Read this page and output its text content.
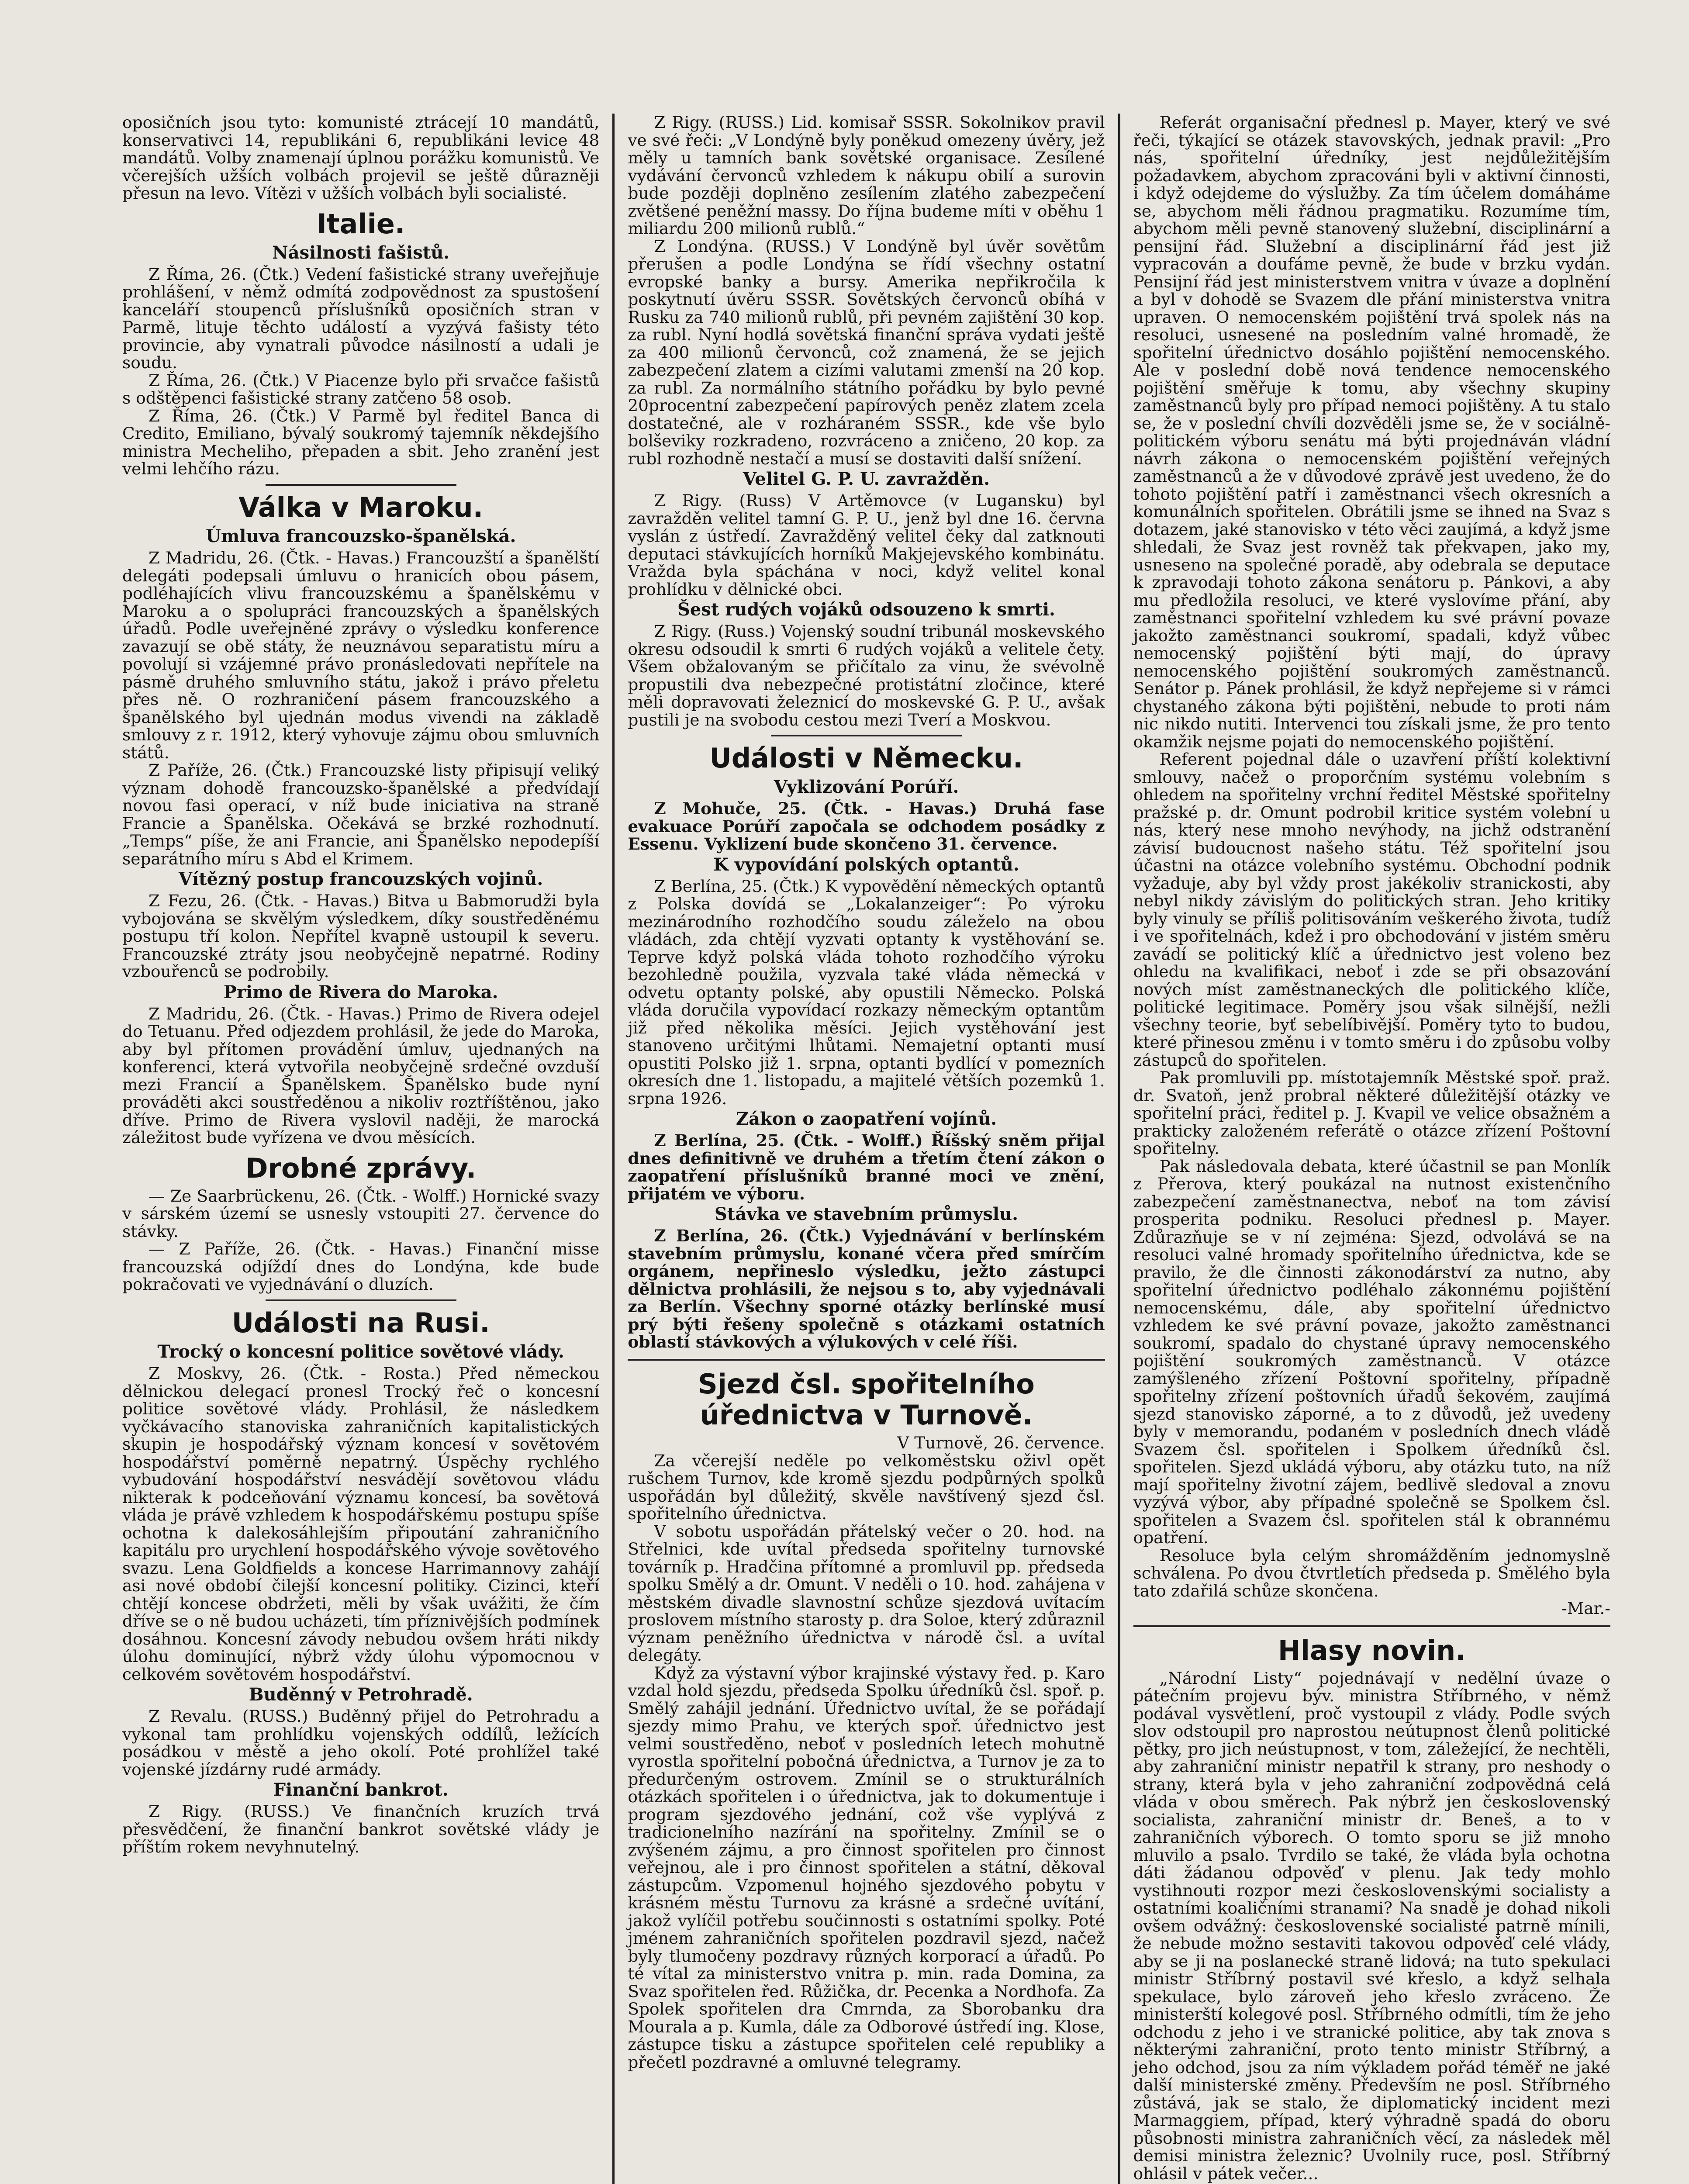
oposičních jsou tyto: komunisté ztrácejí 10 mandátů, konservativci 14, republikáni 6, republikáni levice 48 mandátů. Volby znamenají úplnou porážku komunistů. Ve včerejších užších volbách projevil se ještě důrazněji přesun na levo. Vítězi v užších volbách byli socialisté.

Italie.
Násilnosti fašistů.

Z Říma, 26. (Čtk.) Vedení fašistické strany uveřejňuje prohlášení, v němž odmítá zodpovědnost za spustošení kanceláří stoupenců příslušníků oposičních stran v Parmě, lituje těchto událostí a vyzývá fašisty této provincie, aby vynatrali původce násilností a udali je soudu.

Z Říma, 26. (Čtk.) V Piacenze bylo při srvačce fašistů s odštěpenci fašistické strany zatčeno 58 osob.

Z Říma, 26. (Čtk.) V Parmě byl ředitel Banca di Credito, Emiliano, bývalý soukromý tajemník někdejšího ministra Mecheliho, přepaden a sbit. Jeho zranění jest velmi lehčího rázu.

Válka v Maroku.
Úmluva francouzsko-španělská.

Z Madridu, 26. (Čtk. - Havas.) Francouzští a španělští delegáti podepsali úmluvu o hranicích obou pásem, podléhajících vlivu francouzskému a španělskému v Maroku a o spolupráci francouzských a španělských úřadů. Podle uveřejněné zprávy o výsledku konference zavazují se obě státy, že neuznávou separatistu míru a povolují si vzájemné právo pronásledovati nepřítele na pásmě druhého smluvního státu, jakož i právo přeletu přes ně. O rozhraničení pásem francouzského a španělského byl ujednán modus vivendi na základě smlouvy z r. 1912, který vyhovuje zájmu obou smluvních států.

Z Paříže, 26. (Čtk.) Francouzské listy připisují veliký význam dohodě francouzsko-španělské a předvídají novou fasi operací, v níž bude iniciativa na straně Francie a Španělska. Očekává se brzké rozhodnutí. „Temps“ píše, že ani Francie, ani Španělsko nepodepíší separátního míru s Abd el Krimem.

Vítězný postup francouzských vojinů.

Z Fezu, 26. (Čtk. - Havas.) Bitva u Babmorudži byla vybojována se skvělým výsledkem, díky soustředěnému postupu tří kolon. Nepřítel kvapně ustoupil k severu. Francouzské ztráty jsou neobyčejně nepatrné. Rodiny vzbouřenců se podrobily.

Primo de Rivera do Maroka.

Z Madridu, 26. (Čtk. - Havas.) Primo de Rivera odejel do Tetuanu. Před odjezdem prohlásil, že jede do Maroka, aby byl přítomen provádění úmluv, ujednaných na konferenci, která vytvořila neobyčejně srdečné ovzduší mezi Francií a Španělskem. Španělsko bude nyní prováděti akci soustředěnou a nikoliv roztříštěnou, jako dříve. Primo de Rivera vyslovil naději, že marocká záležitost bude vyřízena ve dvou měsících.

Drobné zprávy.

— Ze Saarbrückenu, 26. (Čtk. - Wolff.) Hornické svazy v sárském území se usnesly vstoupiti 27. července do stávky.

— Z Paříže, 26. (Čtk. - Havas.) Finanční misse francouzská odjíždí dnes do Londýna, kde bude pokračovati ve vyjednávání o dluzích.

Události na Rusi.
Trocký o koncesní politice sovětové vlády.

Z Moskvy, 26. (Čtk. - Rosta.) Před německou dělnickou delegací pronesl Trocký řeč o koncesní politice sovětové vlády. Prohlásil, že následkem vyčkávacího stanoviska zahraničních kapitalistických skupin je hospodářský význam koncesí v sovětovém hospodářství poměrně nepatrný. Úspěchy rychlého vybudování hospodářství nesvádějí sovětovou vládu nikterak k podceňování významu koncesí, ba sovětová vláda je právě vzhledem k hospodářskému postupu spíše ochotna k dalekosáhlejším připoutání zahraničního kapitálu pro urychlení hospodářského vývoje sovětového svazu. Lena Goldfields a koncese Harrimannovy zahájí asi nové období čilejší koncesní politiky. Cizinci, kteří chtějí koncese obdržeti, měli by však uvážiti, že čím dříve se o ně budou ucházeti, tím příznivějších podmínek dosáhnou. Koncesní závody nebudou ovšem hráti nikdy úlohu dominující, nýbrž vždy úlohu výpomocnou v celkovém sovětovém hospodářství.

Buděnný v Petrohradě.

Z Revalu. (RUSS.) Buděnný přijel do Petrohradu a vykonal tam prohlídku vojenských oddílů, ležících posádkou v městě a jeho okolí. Poté prohlížel také vojenské jízdárny rudé armády.

Finanční bankrot.

Z Rigy. (RUSS.) Ve finančních kruzích trvá přesvědčení, že finanční bankrot sovětské vlády je příštím rokem nevyhnutelný.

Z Rigy. (RUSS.) Lid. komisař SSSR. Sokolnikov pravil ve své řeči: „V Londýně byly poněkud omezeny úvěry, jež měly u tamních bank sovětské organisace. Zesílené vydávání červonců vzhledem k nákupu obilí a surovin bude později doplněno zesílením zlatého zabezpečení zvětšené peněžní massy. Do října budeme míti v oběhu 1 miliardu 200 milionů rublů.“

Z Londýna. (RUSS.) V Londýně byl úvěr sovětům přerušen a podle Londýna se řídí všechny ostatní evropské banky a bursy. Amerika nepřikročila k poskytnutí úvěru SSSR. Sovětských červonců obíhá v Rusku za 740 milionů rublů, při pevném zajištění 30 kop. za rubl. Nyní hodlá sovětská finanční správa vydati ještě za 400 milionů červonců, což znamená, že se jejich zabezpečení zlatem a cizími valutami zmenší na 20 kop. za rubl. Za normálního státního pořádku by bylo pevné 20procentní zabezpečení papírových peněz zlatem zcela dostatečné, ale v rozháraném SSSR., kde vše bylo bolševiky rozkradeno, rozvráceno a zničeno, 20 kop. za rubl rozhodně nestačí a musí se dostaviti další snížení.

Velitel G. P. U. zavražděn.

Z Rigy. (Russ) V Artěmovce (v Lugansku) byl zavražděn velitel tamní G. P. U., jenž byl dne 16. června vyslán z ústředí. Zavražděný velitel čeky dal zatknouti deputaci stávkujících horníků Makjejevského kombinátu. Vražda byla spáchána v noci, když velitel konal prohlídku v dělnické obci.

Šest rudých vojáků odsouzeno k smrti.

Z Rigy. (Russ.) Vojenský soudní tribunál moskevského okresu odsoudil k smrti 6 rudých vojáků a velitele čety. Všem obžalovaným se přičítalo za vinu, že svévolně propustili dva nebezpečné protistátní zločince, které měli dopravovati železnicí do moskevské G. P. U., avšak pustili je na svobodu cestou mezi Tverí a Moskvou.

Události v Německu.
Vyklizování Porúří.

Z Mohuče, 25. (Čtk. - Havas.) Druhá fase evakuace Porúří započala se odchodem posádky z Essenu. Vyklizení bude skončeno 31. července.

K vypovídání polských optantů.

Z Berlína, 25. (Čtk.) K vypovědění německých optantů z Polska dovídá se „Lokalanzeiger“: Po výroku mezinárodního rozhodčího soudu záleželo na obou vládách, zda chtějí vyzvati optanty k vystěhování se. Teprve když polská vláda tohoto rozhodčího výroku bezohledně použila, vyzvala také vláda německá v odvetu optanty polské, aby opustili Německo. Polská vláda doručila vypovídací rozkazy německým optantům již před několika měsíci. Jejich vystěhování jest stanoveno určitými lhůtami. Nemajetní optanti musí opustiti Polsko již 1. srpna, optanti bydlící v pomezních okresích dne 1. listopadu, a majitelé větších pozemků 1. srpna 1926.

Zákon o zaopatření vojínů.

Z Berlína, 25. (Čtk. - Wolff.) Říšský sněm přijal dnes definitivně ve druhém a třetím čtení zákon o zaopatření příslušníků branné moci ve znění, přijatém ve výboru.

Stávka ve stavebním průmyslu.

Z Berlína, 26. (Čtk.) Vyjednávání v berlínském stavebním průmyslu, konané včera před smírčím orgánem, nepřineslo výsledku, ježto zástupci dělnictva prohlásili, že nejsou s to, aby vyjednávali za Berlín. Všechny sporné otázky berlínské musí prý býti řešeny společně s otázkami ostatních oblastí stávkových a výlukových v celé říši.

Sjezd čsl. spořitelního úřednictva v Turnově.

V Turnově, 26. července.

Za včerejší neděle po velkoměstsku oživl opět rušchem Turnov, kde kromě sjezdu podpůrných spolků uspořádán byl důležitý, skvěle navštívený sjezd čsl. spořitelního úřednictva.

V sobotu uspořádán přátelský večer o 20. hod. na Střelnici, kde uvítal předseda spořitelny turnovské továrník p. Hradčina přítomné a promluvil pp. předseda spolku Smělý a dr. Omunt. V neděli o 10. hod. zahájena v městském divadle slavnostní schůze sjezdová uvítacím proslovem místního starosty p. dra Soloe, který zdůraznil význam peněžního úřednictva v národě čsl. a uvítal delegáty.

Když za výstavní výbor krajinské výstavy řed. p. Karo vzdal hold sjezdu, předseda Spolku úředníků čsl. spoř. p. Smělý zahájil jednání. Úřednictvo uvítal, že se pořádají sjezdy mimo Prahu, ve kterých spoř. úřednictvo jest velmi soustředěno, neboť v posledních letech mohutně vyrostla spořitelní pobočná úřednictva, a Turnov je za to předurčeným ostrovem. Zmínil se o strukturálních otázkách spořitelen i o úřednictva, jak to dokumentuje i program sjezdového jednání, což vše vyplývá z tradicionelního nazírání na spořitelny. Zmínil se o zvýšeném zájmu, a pro činnost spořitelen pro činnost veřejnou, ale i pro činnost spořitelen a státní, děkoval zástupcům. Vzpomenul hojného sjezdového pobytu v krásném městu Turnovu za krásné a srdečné uvítání, jakož vylíčil potřebu součinnosti s ostatními spolky. Poté jménem zahraničních spořitelen pozdravil sjezd, načež byly tlumočeny pozdravy různých korporací a úřadů. Po té vítal za ministerstvo vnitra p. min. rada Domina, za Svaz spořitelen řed. Růžička, dr. Pecenka a Nordhofa. Za Spolek spořitelen dra Cmrnda, za Sborobanku dra Mourala a p. Kumla, dále za Odborové ústředí ing. Klose, zástupce tisku a zástupce spořitelen celé republiky a přečetl pozdravné a omluvné telegramy.

Referát organisační přednesl p. Mayer, který ve své řeči, týkající se otázek stavovských, jednak pravil: „Pro nás, spořitelní úředníky, jest nejdůležitějším požadavkem, abychom zpracováni byli v aktivní činnosti, i když odejdeme do výslužby. Za tím účelem domáháme se, abychom měli řádnou pragmatiku. Rozumíme tím, abychom měli pevně stanovený služební, disciplinární a pensijní řád. Služební a disciplinární řád jest již vypracován a doufáme pevně, že bude v brzku vydán. Pensijní řád jest ministerstvem vnitra v úvaze a doplnění a byl v dohodě se Svazem dle přání ministerstva vnitra upraven. O nemocenském pojištění trvá spolek nás na resoluci, usnesené na posledním valné hromadě, že spořitelní úřednictvo dosáhlo pojištění nemocenského. Ale v poslední době nová tendence nemocenského pojištění směřuje k tomu, aby všechny skupiny zaměstnanců byly pro případ nemoci pojištěny. A tu stalo se, že v poslední chvíli dozvěděli jsme se, že v sociálně-politickém výboru senátu má býti projednáván vládní návrh zákona o nemocenském pojištění veřejných zaměstnanců a že v důvodové zprávě jest uvedeno, že do tohoto pojištění patří i zaměstnanci všech okresních a komunálních spořitelen. Obrátili jsme se ihned na Svaz s dotazem, jaké stanovisko v této věci zaujímá, a když jsme shledali, že Svaz jest rovněž tak překvapen, jako my, usneseno na společné poradě, aby odebrala se deputace k zpravodaji tohoto zákona senátoru p. Pánkovi, a aby mu předložila resoluci, ve které vyslovíme přání, aby zaměstnanci spořitelní vzhledem ku své právní povaze jakožto zaměstnanci soukromí, spadali, když vůbec nemocenský pojištění býti mají, do úpravy nemocenského pojištění soukromých zaměstnanců. Senátor p. Pánek prohlásil, že když nepřejeme si v rámci chystaného zákona býti pojištěni, nebude to proti nám nic nikdo nutiti. Intervenci tou získali jsme, že pro tento okamžik nejsme pojati do nemocenského pojištění.

Referent pojednal dále o uzavření příští kolektivní smlouvy, načež o proporčním systému volebním s ohledem na spořitelny vrchní ředitel Městské spořitelny pražské p. dr. Omunt podrobil kritice systém volební u nás, který nese mnoho nevýhody, na jichž odstranění závisí budoucnost našeho státu. Též spořitelní jsou účastni na otázce volebního systému. Obchodní podnik vyžaduje, aby byl vždy prost jakékoliv stranickosti, aby nebyl nikdy závislým do politických stran. Jeho kritiky byly vinuly se příliš politisováním veškerého života, tudíž i ve spořitelnách, kdež i pro obchodování v jistém směru zavádí se politický klíč a úřednictvo jest voleno bez ohledu na kvalifikaci, neboť i zde se při obsazování nových míst zaměstnaneckých dle politického klíče, politické legitimace. Poměry jsou však silnější, nežli všechny teorie, byť sebelíbivější. Poměry tyto to budou, které přinesou změnu i v tomto směru i do způsobu volby zástupců do spořitelen.

Pak promluvili pp. místotajemník Městské spoř. praž. dr. Svatoň, jenž probral některé důležitější otázky ve spořitelní práci, ředitel p. J. Kvapil ve velice obsažném a prakticky založeném referátě o otázce zřízení Poštovní spořitelny.

Pak následovala debata, které účastnil se pan Monlík z Přerova, který poukázal na nutnost existenčního zabezpečení zaměstnanectva, neboť na tom závisí prosperita podniku. Resoluci přednesl p. Mayer. Zdůrazňuje se v ní zejména: Sjezd, odvolává se na resoluci valné hromady spořitelního úřednictva, kde se pravilo, že dle činnosti zákonodárství za nutno, aby spořitelní úřednictvo podléhalo zákonnému pojištění nemocenskému, dále, aby spořitelní úřednictvo vzhledem ke své právní povaze, jakožto zaměstnanci soukromí, spadalo do chystané úpravy nemocenského pojištění soukromých zaměstnanců. V otázce zamýšleného zřízení Poštovní spořitelny, případně spořitelny zřízení poštovních úřadů šekovém, zaujímá sjezd stanovisko záporné, a to z důvodů, jež uvedeny byly v memorandu, podaném v posledních dnech vládě Svazem čsl. spořitelen i Spolkem úředníků čsl. spořitelen. Sjezd ukládá výboru, aby otázku tuto, na níž mají spořitelny životní zájem, bedlivě sledoval a znovu vyzývá výbor, aby případné společně se Spolkem čsl. spořitelen a Svazem čsl. spořitelen stál k obrannému opatření.

Resoluce byla celým shromážděním jednomyslně schválena. Po dvou čtvrtletích předseda p. Smělého byla tato zdařilá schůze skončena.

-Mar.-

Hlasy novin.

„Národní Listy“ pojednávají v nedělní úvaze o pátečním projevu býv. ministra Stříbrného, v němž podával vysvětlení, proč vystoupil z vlády. Podle svých slov odstoupil pro naprostou neútupnost členů politické pětky, pro jich neústupnost, v tom, záležející, že nechtěli, aby zahraniční ministr nepatřil k strany, pro neshody o strany, která byla v jeho zahraniční zodpovědná celá vláda v obou směrech. Pak nýbrž jen československý socialista, zahraniční ministr dr. Beneš, a to v zahraničních výborech. O tomto sporu se již mnoho mluvilo a psalo. Tvrdilo se také, že vláda byla ochotna dáti žádanou odpověď v plenu. Jak tedy mohlo vystihnouti rozpor mezi československými socialisty a ostatními koaličními stranami? Na snadě je dohad nikoli ovšem odvážný: československé socialisté patrně mínili, že nebude možno sestaviti takovou odpověď celé vlády, aby se ji na poslanecké straně lidová; na tuto spekulaci ministr Stříbrný postavil své křeslo, a když selhala spekulace, bylo zároveň jeho křeslo zvráceno. Že ministerští kolegové posl. Stříbrného odmítli, tím že jeho odchodu z jeho i ve stranické politice, aby tak znova s některými zahraniční, proto tento ministr Stříbrný, a jeho odchod, jsou za ním výkladem pořád téměř ne jaké další ministerské změny. Především ne posl. Stříbrného zůstává, jak se stalo, že diplomatický incident mezi Marmaggiem, případ, který výhradně spadá do oboru působnosti ministra zahraničních věcí, za následek měl demisi ministra železnic? Uvolnily ruce, posl. Stříbrný ohlásil v pátek večer...
